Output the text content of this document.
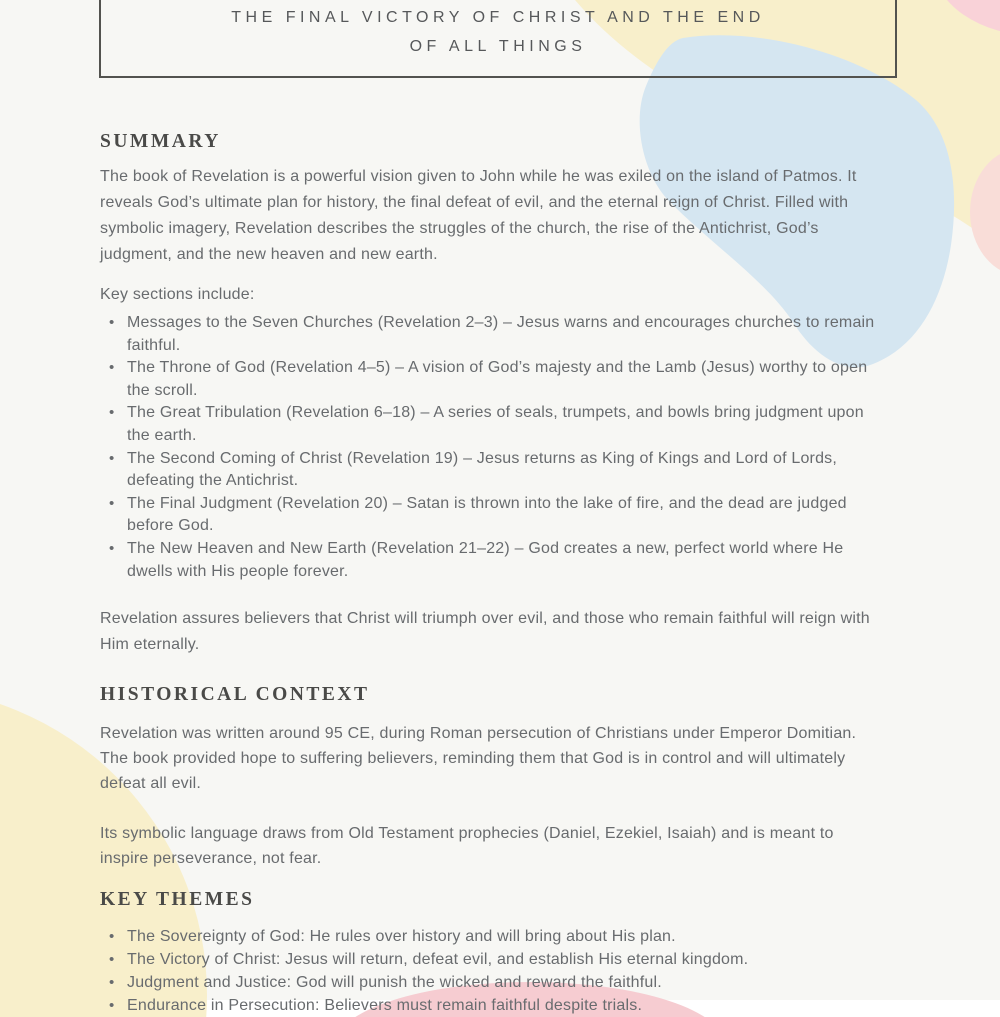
THE FINAL VICTORY OF CHRIST AND THE END
OF ALL THINGS
SUMMARY

The book of Revelation is a powerful vision given to John while he was exiled on the island of Patmos. It reveals God’s ultimate plan for history, the final defeat of evil, and the eternal reign of Christ. Filled with symbolic imagery, Revelation describes the struggles of the church, the rise of the Antichrist, God’s judgment, and the new heaven and new earth.

Key sections include:

• Messages to the Seven Churches (Revelation 2–3) – Jesus warns and encourages churches to remain faithful.
• The Throne of God (Revelation 4–5) – A vision of God’s majesty and the Lamb (Jesus) worthy to open the scroll.
• The Great Tribulation (Revelation 6–18) – A series of seals, trumpets, and bowls bring judgment upon the earth.
• The Second Coming of Christ (Revelation 19) – Jesus returns as King of Kings and Lord of Lords, defeating the Antichrist.
• The Final Judgment (Revelation 20) – Satan is thrown into the lake of fire, and the dead are judged before God.
• The New Heaven and New Earth (Revelation 21–22) – God creates a new, perfect world where He dwells with His people forever.

Revelation assures believers that Christ will triumph over evil, and those who remain faithful will reign with Him eternally.

HISTORICAL CONTEXT

Revelation was written around 95 CE, during Roman persecution of Christians under Emperor Domitian. The book provided hope to suffering believers, reminding them that God is in control and will ultimately defeat all evil.

Its symbolic language draws from Old Testament prophecies (Daniel, Ezekiel, Isaiah) and is meant to inspire perseverance, not fear.

KEY THEMES
• The Sovereignty of God: He rules over history and will bring about His plan.
• The Victory of Christ: Jesus will return, defeat evil, and establish His eternal kingdom.
• Judgment and Justice: God will punish the wicked and reward the faithful.
• Endurance in Persecution: Believers must remain faithful despite trials.
